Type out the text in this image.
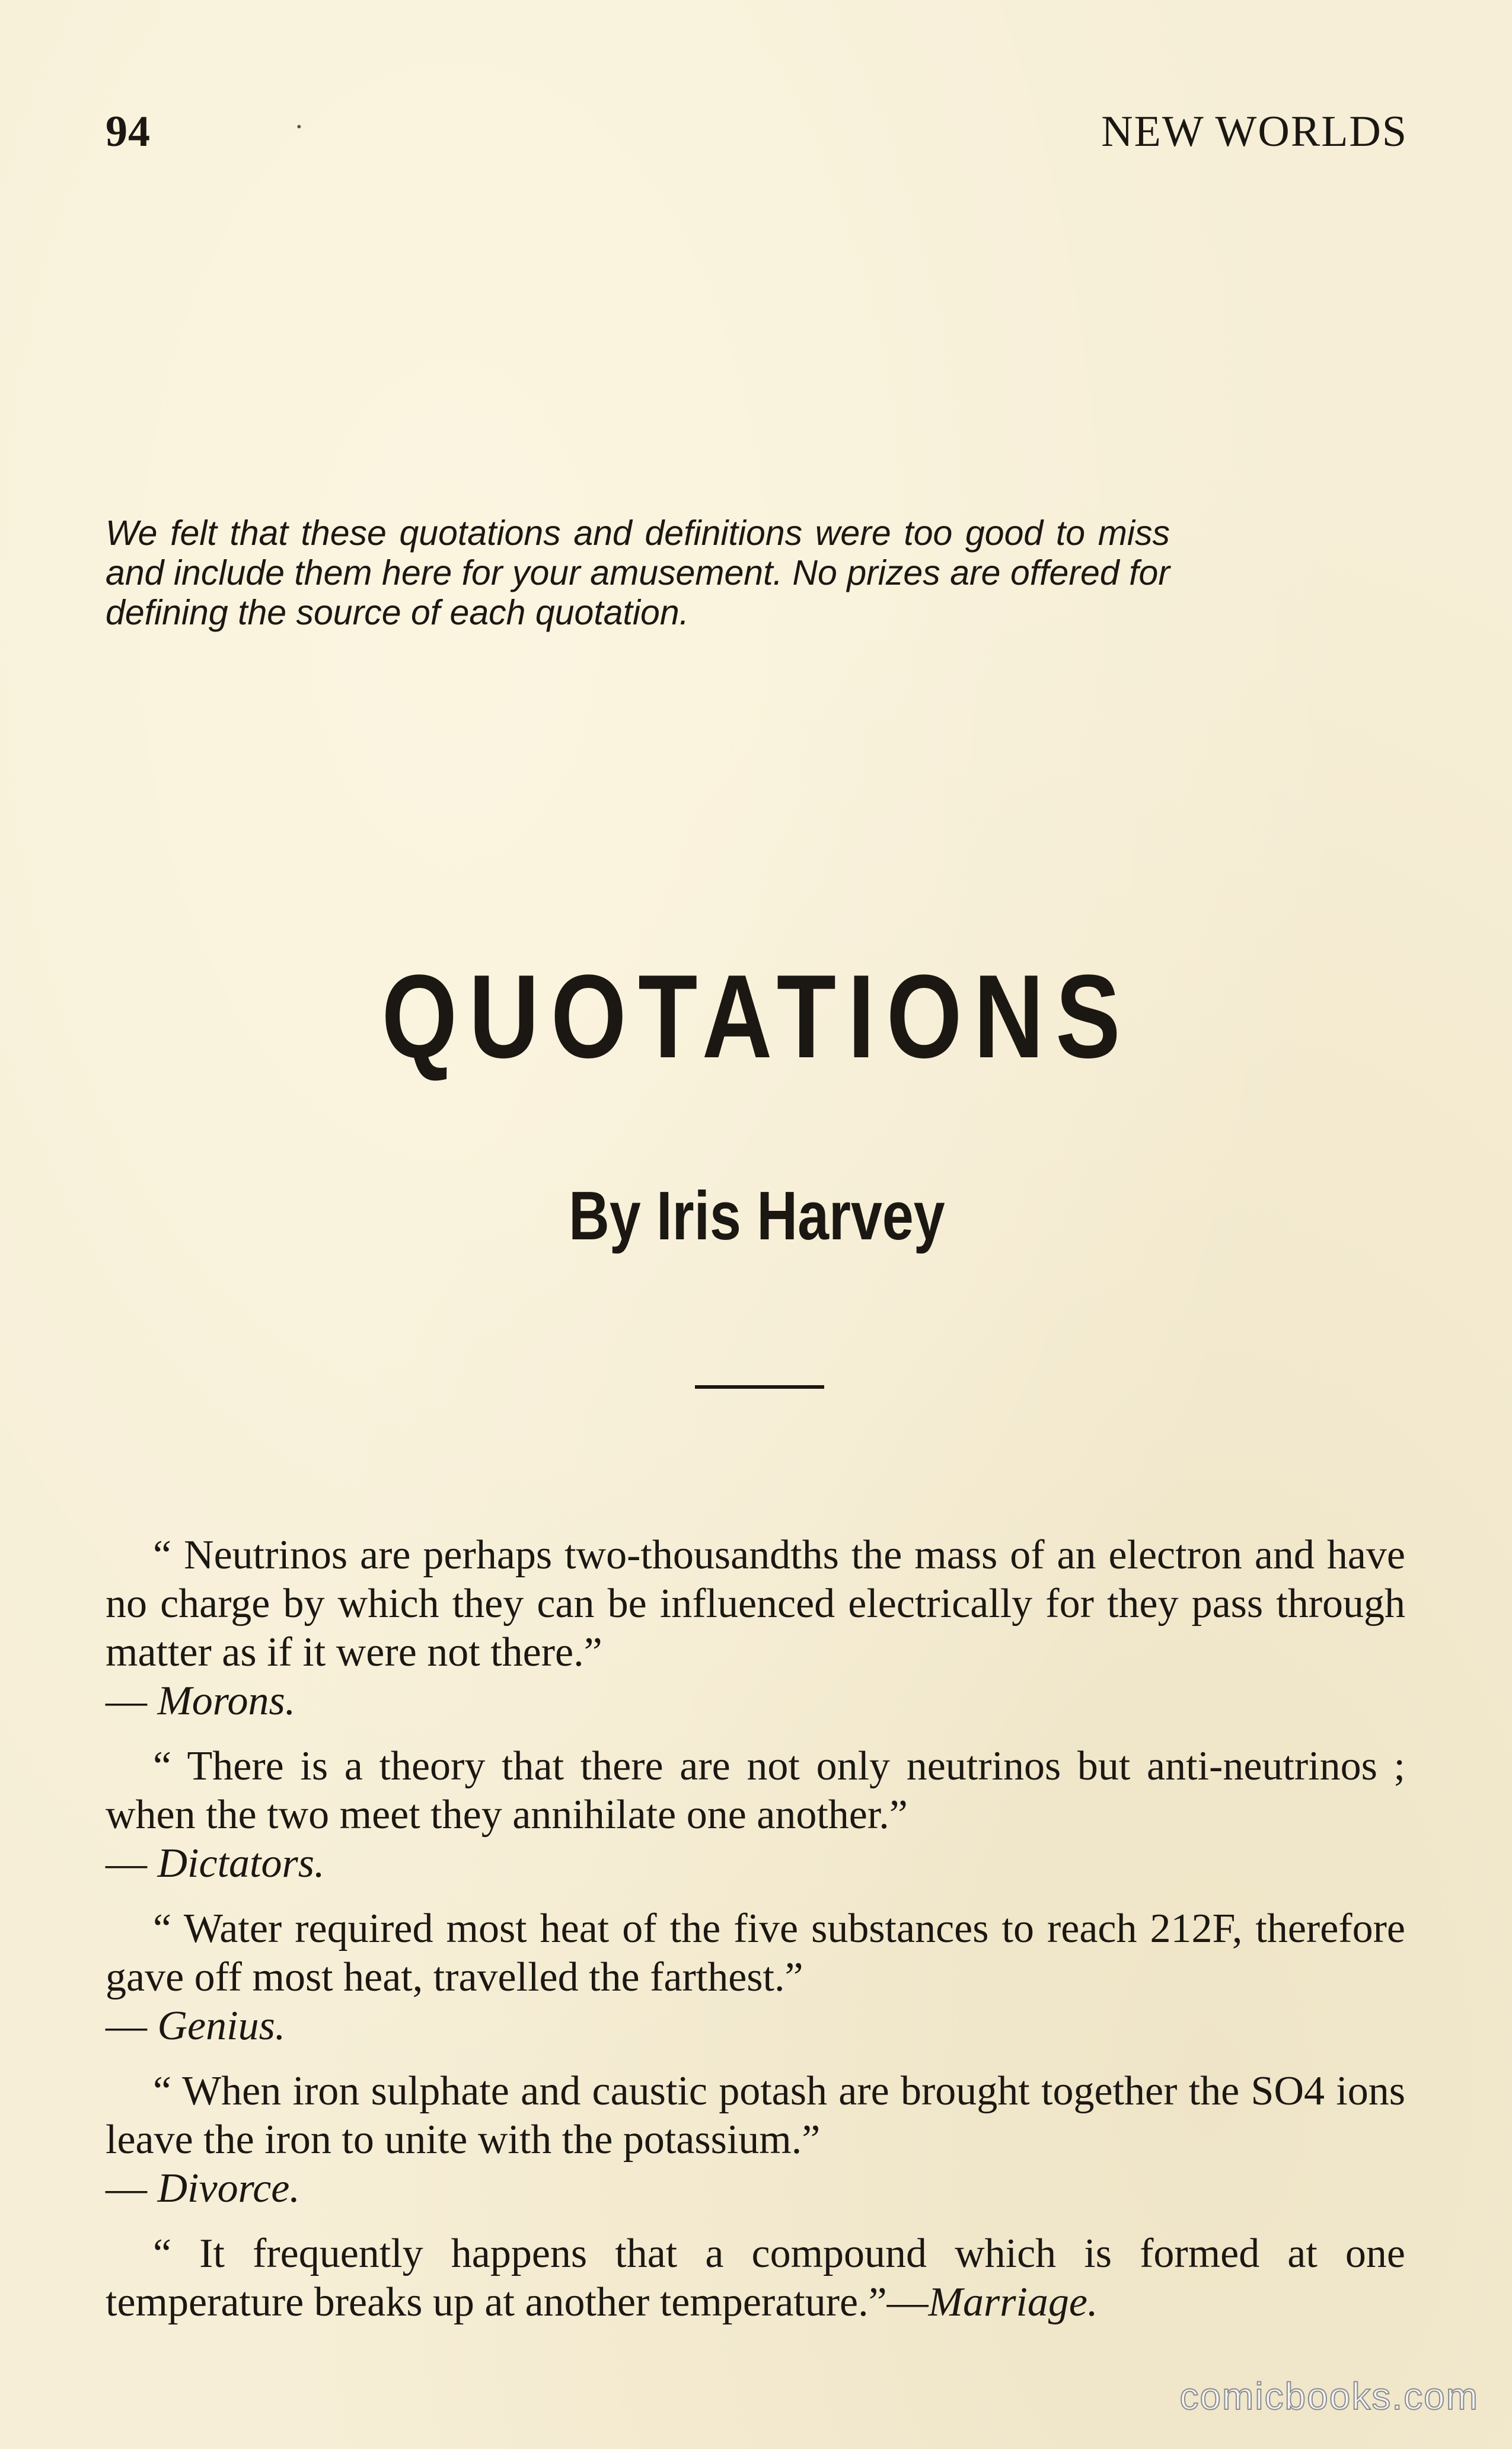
94	·	NEW WORLDS
We felt that these quotations and definitions were too good to miss and include them here for your amusement. No prizes are offered for defining the source of each quotation.
QUOTATIONS
By Iris Harvey
“ Neutrinos are perhaps two-thousandths the mass of an electron and have no charge by which they can be influenced electrically for they pass through matter as if it were not there.”
— Morons.
“ There is a theory that there are not only neutrinos but anti-neutrinos ; when the two meet they annihilate one another.”
— Dictators.
“ Water required most heat of the five substances to reach 212F, therefore gave off most heat, travelled the farthest.”
— Genius.
“ When iron sulphate and caustic potash are brought together the SO4 ions leave the iron to unite with the potassium.”
— Divorce.
“ It frequently happens that a compound which is formed at one temperature breaks up at another temperature.”—Marriage.
comicbooks.com
